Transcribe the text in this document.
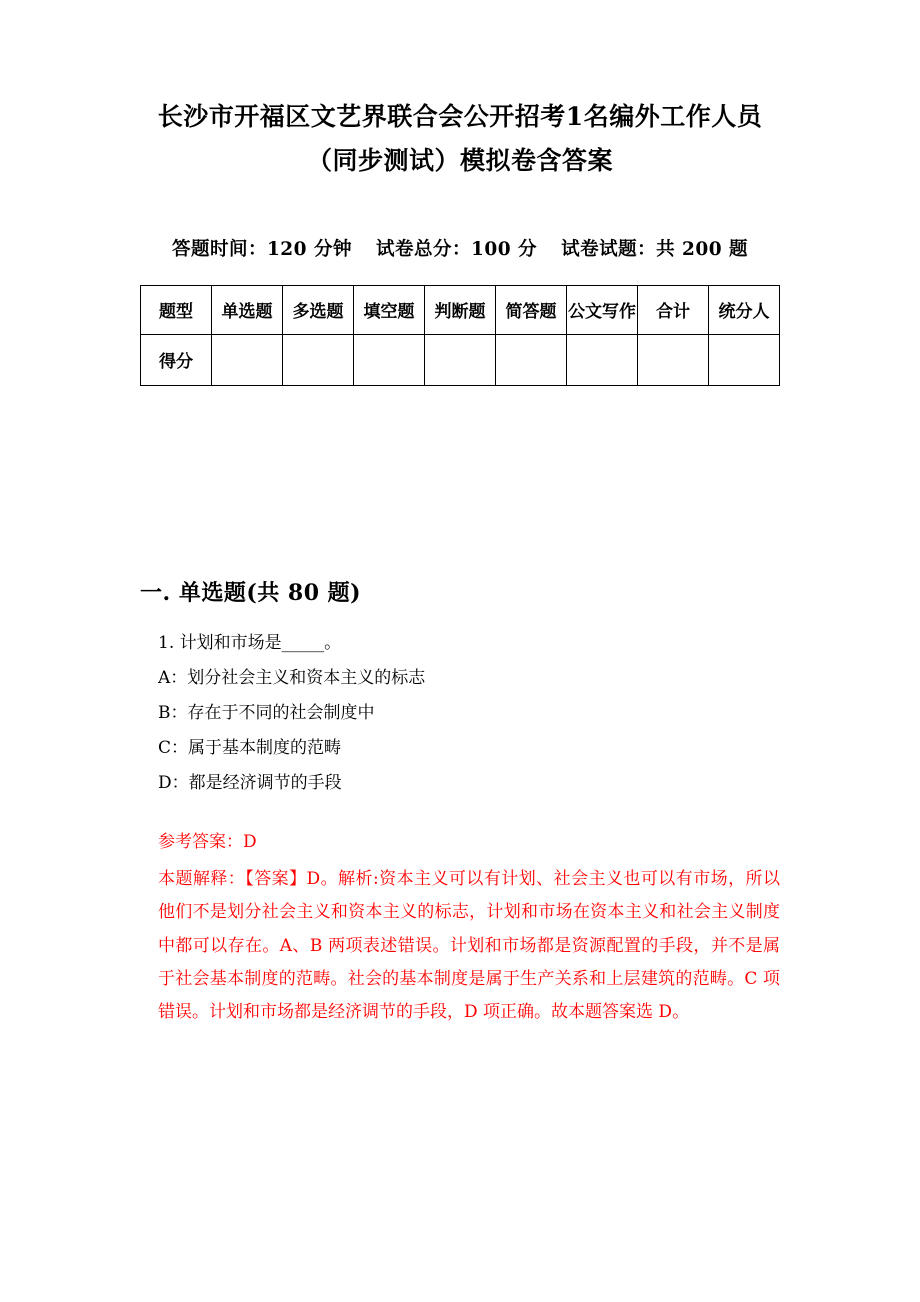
长沙市开福区文艺界联合会公开招考1名编外工作人员（同步测试）模拟卷含答案
答题时间：120 分钟 试卷总分：100 分 试卷试题：共 200 题
题型	单选题	多选题	填空题	判断题	简答题	公文写作	合计	统分人
得分								
一. 单选题(共 80 题)

1. 计划和市场是_____。

A：划分社会主义和资本主义的标志

B：存在于不同的社会制度中

C：属于基本制度的范畴

D：都是经济调节的手段

参考答案：D

本题解释：【答案】D。解析:资本主义可以有计划、社会主义也可以有市场，所以他们不是划分社会主义和资本主义的标志，计划和市场在资本主义和社会主义制度中都可以存在。A、B 两项表述错误。计划和市场都是资源配置的手段，并不是属于社会基本制度的范畴。社会的基本制度是属于生产关系和上层建筑的范畴。C 项错误。计划和市场都是经济调节的手段，D 项正确。故本题答案选 D。
